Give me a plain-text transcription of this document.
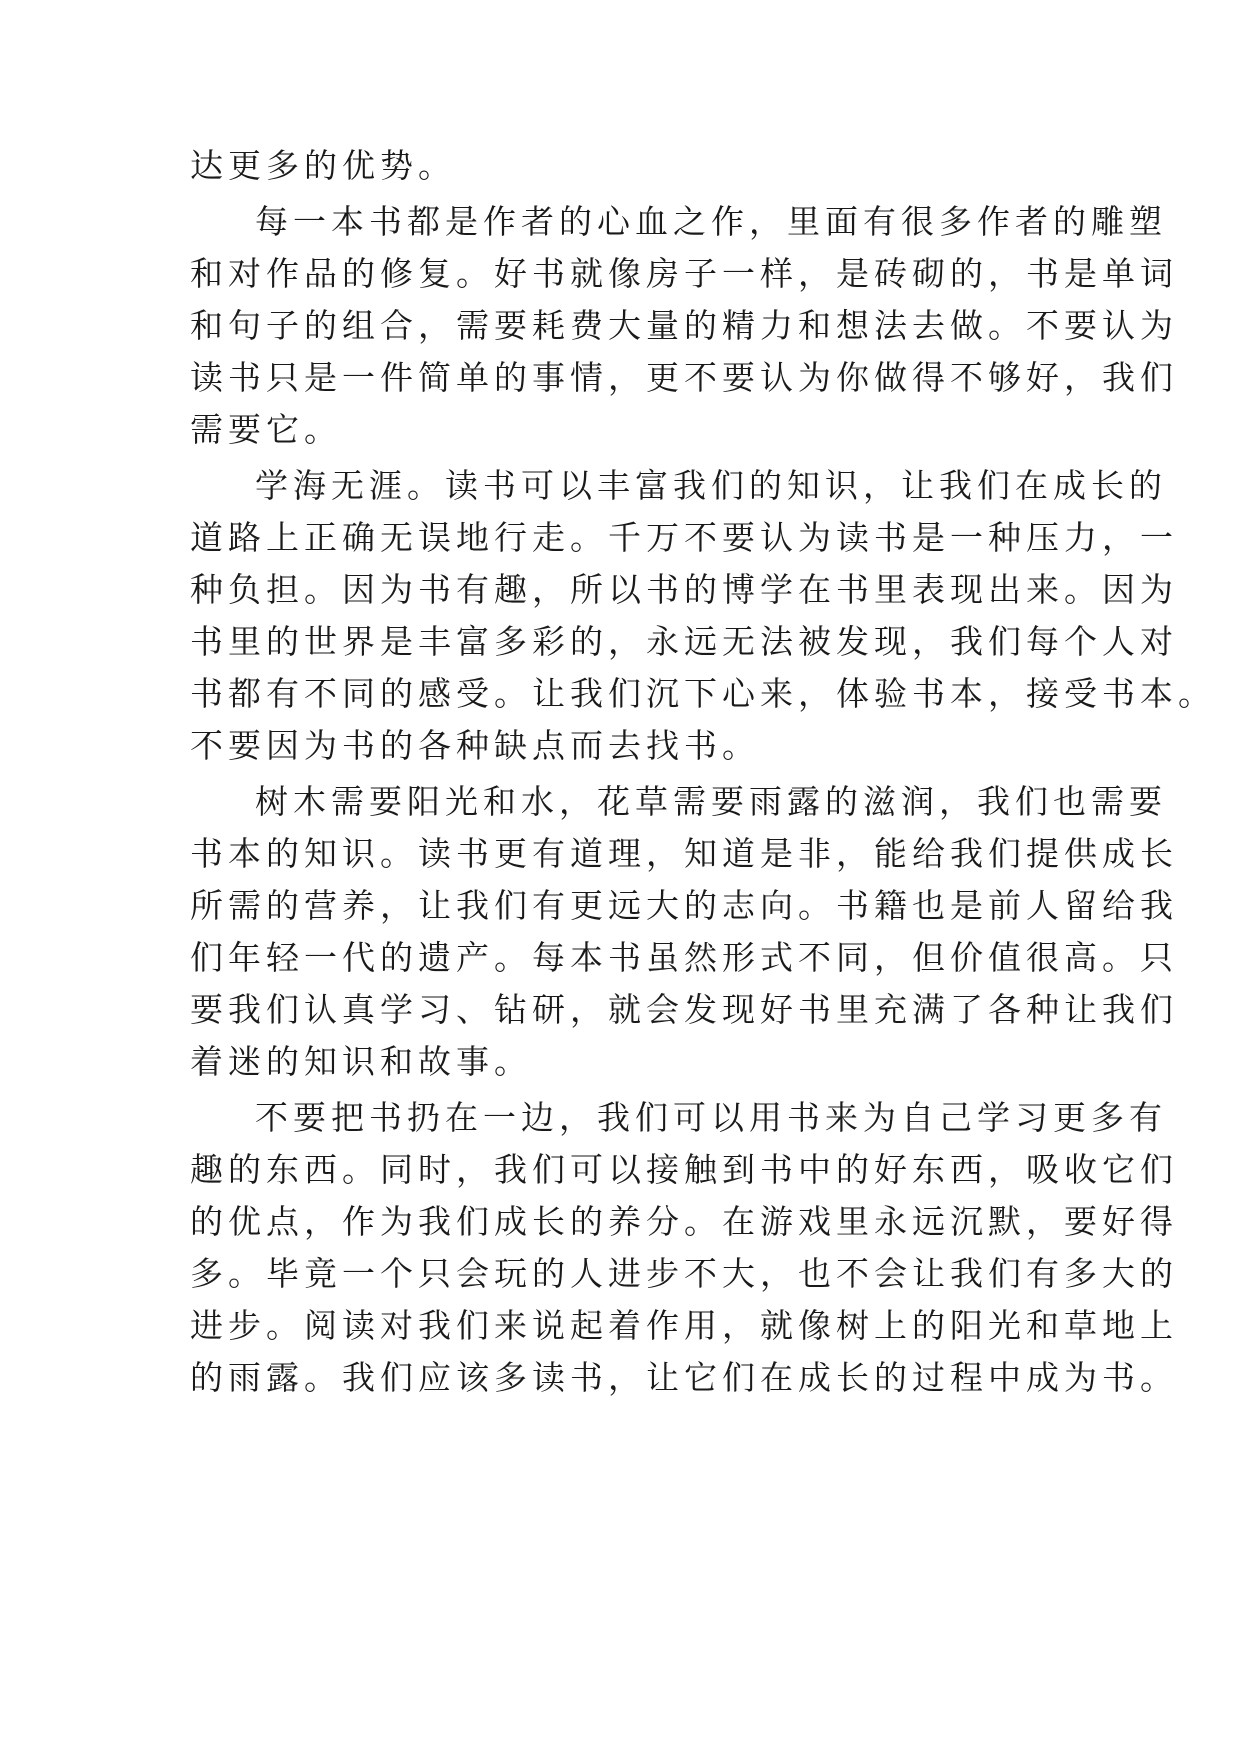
达更多的优势。
每一本书都是作者的心血之作，里面有很多作者的雕塑
和对作品的修复。好书就像房子一样，是砖砌的，书是单词
和句子的组合，需要耗费大量的精力和想法去做。不要认为
读书只是一件简单的事情，更不要认为你做得不够好，我们
需要它。
学海无涯。读书可以丰富我们的知识，让我们在成长的
道路上正确无误地行走。千万不要认为读书是一种压力，一
种负担。因为书有趣，所以书的博学在书里表现出来。因为
书里的世界是丰富多彩的，永远无法被发现，我们每个人对
书都有不同的感受。让我们沉下心来，体验书本，接受书本。
不要因为书的各种缺点而去找书。
树木需要阳光和水，花草需要雨露的滋润，我们也需要
书本的知识。读书更有道理，知道是非，能给我们提供成长
所需的营养，让我们有更远大的志向。书籍也是前人留给我
们年轻一代的遗产。每本书虽然形式不同，但价值很高。只
要我们认真学习、钻研，就会发现好书里充满了各种让我们
着迷的知识和故事。
不要把书扔在一边，我们可以用书来为自己学习更多有
趣的东西。同时，我们可以接触到书中的好东西，吸收它们
的优点，作为我们成长的养分。在游戏里永远沉默，要好得
多。毕竟一个只会玩的人进步不大，也不会让我们有多大的
进步。阅读对我们来说起着作用，就像树上的阳光和草地上
的雨露。我们应该多读书，让它们在成长的过程中成为书。
